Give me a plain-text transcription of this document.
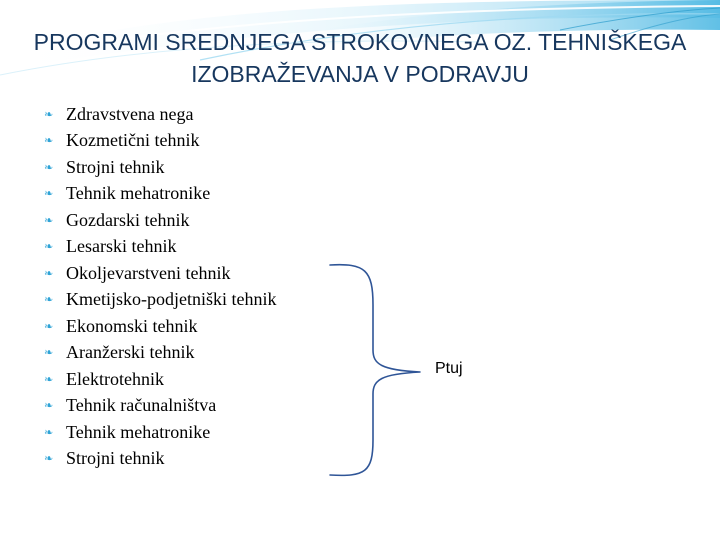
PROGRAMI SREDNJEGA STROKOVNEGA OZ. TEHNIŠKEGA
IZOBRAŽEVANJA V PODRAVJU
❧ Zdravstvena nega
❧ Kozmetični tehnik
❧ Strojni tehnik
❧ Tehnik mehatronike
❧ Gozdarski tehnik
❧ Lesarski tehnik
❧ Okoljevarstveni tehnik
❧ Kmetijsko-podjetniški tehnik
❧ Ekonomski tehnik
❧ Aranžerski tehnik
❧ Elektrotehnik
❧ Tehnik računalništva
❧ Tehnik mehatronike
❧ Strojni tehnik
Ptuj
